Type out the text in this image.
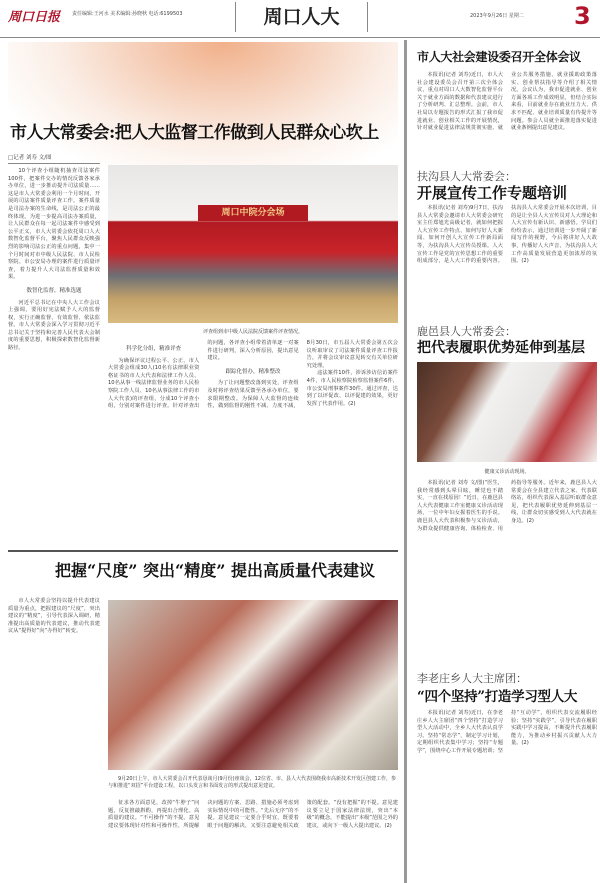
周口日报 责任编辑:王河水 美术编辑:孙晓秋 电话:6199503	周口人大	2023年9月26日 星期二 3
市人大常委会:把人大监督工作做到人民群众心坎上
□记者 刘寿 文/图

10个评查小组随机抽查司法案件100件，把案件交办的情况反馈各家承办单位，进一步推动提升司法质量……这是市人大常委会利用一个月时间，开展的司法案件质量评查工作。案件质量是司法办案的生命线，是司法公正的最终体现。为进一步提高司法办案质量，让人民群众在每一起司法案件中感受到公平正义，市人大常委会依托周口人大数智化监督平台，聚焦人民群众反映强烈的影响司法公正的重点问题，集中一个月时间对市中级人民法院、市人民检察院、市公安局办理的案件进行质量评查，着力提升人大司法监督质量和效果。

数智化监督，精准选题

河近平总书记在中央人大工作会议上强调，要用好宪法赋予人大的监督权，实行正确监督、有效监督、依法监督。市人大常委会深入学习贯彻习近平总书记关于坚持和完善人民代表大会制度的重要思想，积极探索数智化监督新路径。

周口中院分会场
评查组到市中级人民法院反馈案件评查情况。

科学化分组，精准评查

为确保评议过程公平、公正，市人大常委会组成30人(10名有法律职业资格证书的市人大代表和法律工作人员、10名从事一线法律监督业务的市人民检察院工作人员、10名从事法律工作的市人大代表)的评查组，分成10个评查小组，分别对案件进行评查。针对评查出的问题，各评查小组带着清单逐一对案件进行研判，深入分析原因，提出意见建议。

跟踪化督办，精准整改

为了让问题整改落到实处，评查组及时将评查结果反馈至各承办单位，要求限期整改。为保障人大监督的连续性，做到监督的刚性不减、力度不减，8月30日，市五届人大常委会第五次会议听取审议了司法案件质量评查工作报告，并将会议审议意见转交有关单位研究处理。

违法案件10件，涉诉涉访信访案件4件，市人民检察院检察监督案件6件，市公安局刑事案件30件。通过评查，达到了以评促改、以评促建的效果，更好发挥了代表作用。(2)

把握“尺度” 突出“精度” 提出高质量代表建议

市人大常委会坚持以提升代表建议质量为重点，把握建议的“尺度”，突出建议的“精度”，引导代表深入调研，精准提出高质量的代表建议，推动代表建议从“提得好”向“办得好”转变。

9月20日上午，市人大常委会召开代表恳谈月(9月份)座谈会，12位省、市、县人大代表围绕我市高新技术开发区创建工作，参与和推进“双招”平台建设工程，以口头发言和书面发言的形式提出意见建议。

征求各方面意见，改掉“牛脖子”问题，反复推敲斟酌，再提出合理化、高质量的建议。“不可操作”的不提。意见建议要体现针对性和可操作性，所提解决问题的方案、思路、措施必须考虑到实际情况中的可能性。“先后无序”的不提。意见建议一定要合乎时宜，既要着眼于问题的解决，又要注意避免相关政策的配套。“没有把握”的不提。意见建议要立足于国家法律法规，突出“本级”的概念，不能提出“本级”范围之外的建议，或向下一级人大提出建议。(2)

市人大社会建设委召开全体会议

本报讯(记者 刘寿)近日，市人大社会建设委员会召开第三次全体会议，重点对周口人大数智化监督平台关于就业方面的数据和代表建议进行了分析研判、汇总整理。会前，市人社局以专题报告的形式汇报了我市促进就业、创业相关工作的开展情况，针对就业促进法律法规贯彻实施、就业公共服务措施、就业援助政策落实、创业帮扶指导等介绍了相关情况。会议认为，我市促进就业、创业方面各项工作成效明显，但结合实际来看，目前就业存在就业压力大、供求不匹配、就业培训质量有待提升等问题。参会人员就全面推进落实促进就业条例提出意见建议。

扶沟县人大常委会：
开展宣传工作专题培训

本报讯(记者 刘寿)9月7日，扶沟县人大常委会邀请市人大常委会研究室主任郑旭光高级记者，就如何把握人大宣传工作特点、如何写好人大新闻、如何开创人大宣传工作新局面等，为扶沟县人大宣传员授课。人大宣传工作是党的宣传思想工作的重要组成部分，是人大工作的重要内容。扶沟县人大常委会开展本次培训，目的是让全县人大宣传员对人大理论和人大宣传有新认识、新感悟。学员们纷纷表示，通过培训进一步开阔了新闻写作的视野，今后将讲好人大故事，传播好人大声音，为扶沟县人大工作高质量发展营造更加浓厚的氛围。(2)

鹿邑县人大常委会：
把代表履职优势延伸到基层
健康义诊活动现场。

本报讯(记者 刘寿 文/图)“医生，我经常感到头晕目眩，睡觉也不踏实，一直在找原因！”近日，在鹿邑县人大代表健康工作室健康义诊活动现场，一位中年妇女握着医生的手说。鹿邑县人大代表积极参与义诊活动，为群众提供健康咨询、体检检查、用药指导等服务。近年来，鹿邑县人大常委会在全县建立代表之家、代表联络站，组织代表深入基层听取群众意见，把代表履职优势延伸到基层一线，让群众切实感受到人大代表就在身边。(2)

李老庄乡人大主席团：
“四个坚持”打造学习型人大

本报讯(记者 刘寿)近日，在李老庄乡人大主席团“四个坚持”打造学习型人大活动中，全乡人大代表认真学习。坚持“常态学”，制定学习计划，定期组织代表集中学习；坚持“专题学”，围绕中心工作开展专题培训；坚持“互动学”，组织代表交流履职经验；坚持“实践学”，引导代表在履职实践中学习提高，不断提升代表履职能力，为推动乡村振兴贡献人大力量。(2)
